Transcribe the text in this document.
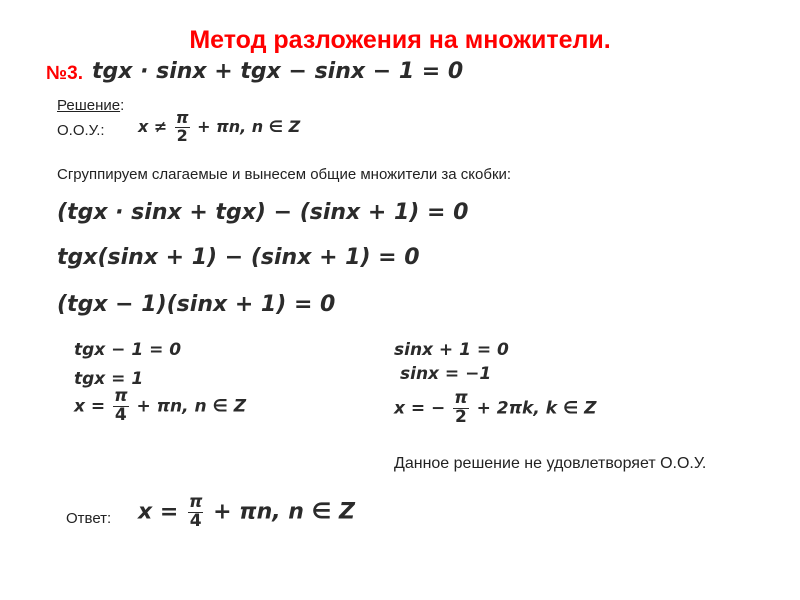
Метод разложения на множители.
№3. tgx · sinx + tgx − sinx − 1 = 0
Решение:
О.О.У.: $x \ne \frac{\pi}{2} + \pi n$, n ∈ Z
Сгруппируем слагаемые и вынесем общие множители за скобки:
(tgx · sinx + tgx) − (sinx + 1) = 0
tgx(sinx + 1) − (sinx + 1) = 0
(tgx − 1)(sinx + 1) = 0
tgx − 1 = 0
tgx = 1
$x = \frac{\pi}{4} + \pi n$, n ∈ Z
sinx + 1 = 0
sinx = −1
x = − $\frac{\pi}{2} + 2\pi k$, k ∈ Z
Данное решение не удовлетворяет О.О.У.
Ответ: $x = \frac{\pi}{4} + \pi n$, n ∈ Z
